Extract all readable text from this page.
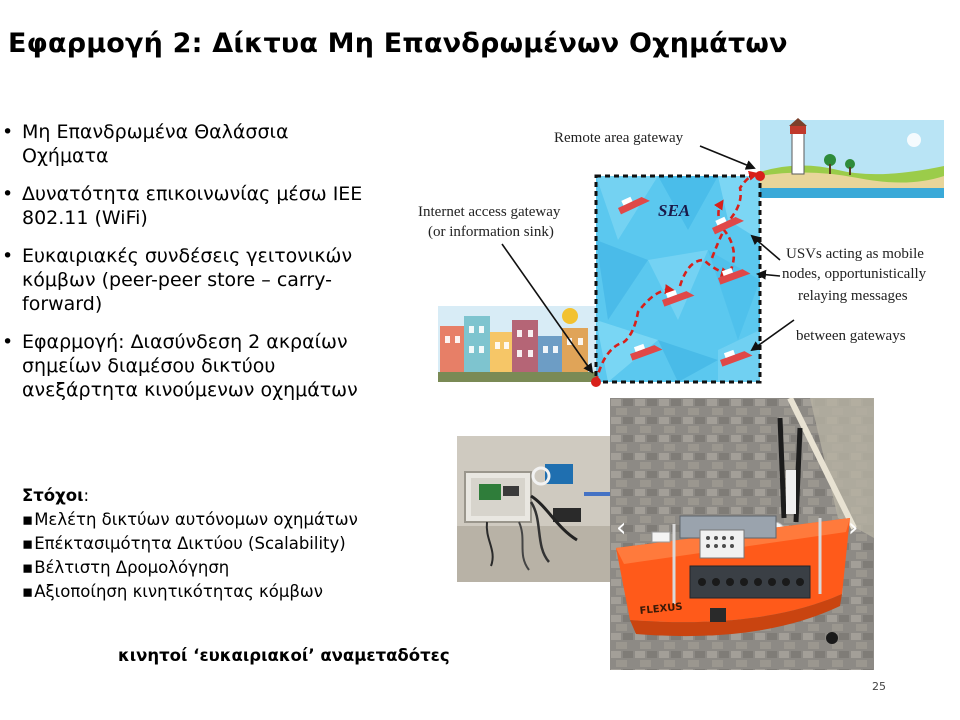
Εφαρμογή 2: Δίκτυα Μη Επανδρωμένων Οχημάτων
• Μη Επανδρωμένα Θαλάσσια
Οχήματα
• Δυνατότητα επικοινωνίας μέσω ΙΕΕ
802.11 (WiFi)
• Ευκαιριακές συνδέσεις γειτονικών
κόμβων (peer-peer store – carry-
forward)
• Εφαρμογή: Διασύνδεση 2 ακραίων
σημείων διαμέσου δικτύου
ανεξάρτητα κινούμενων οχημάτων
Στόχοι:
▪ Μελέτη δικτύων αυτόνομων οχημάτων
▪ Επέκτασιμότητα Δικτύου (Scalability)
▪ Βέλτιστη Δρομολόγηση
▪ Αξιοποίηση κινητικότητας κόμβων
κινητοί ‘ευκαιριακοί’ αναμεταδότες
25
SEA
Remote area gateway
Internet access gateway
(or information sink)
USVs acting as mobile
nodes, opportunistically
relaying messages
between gateways
FLEXUS
‹	›
